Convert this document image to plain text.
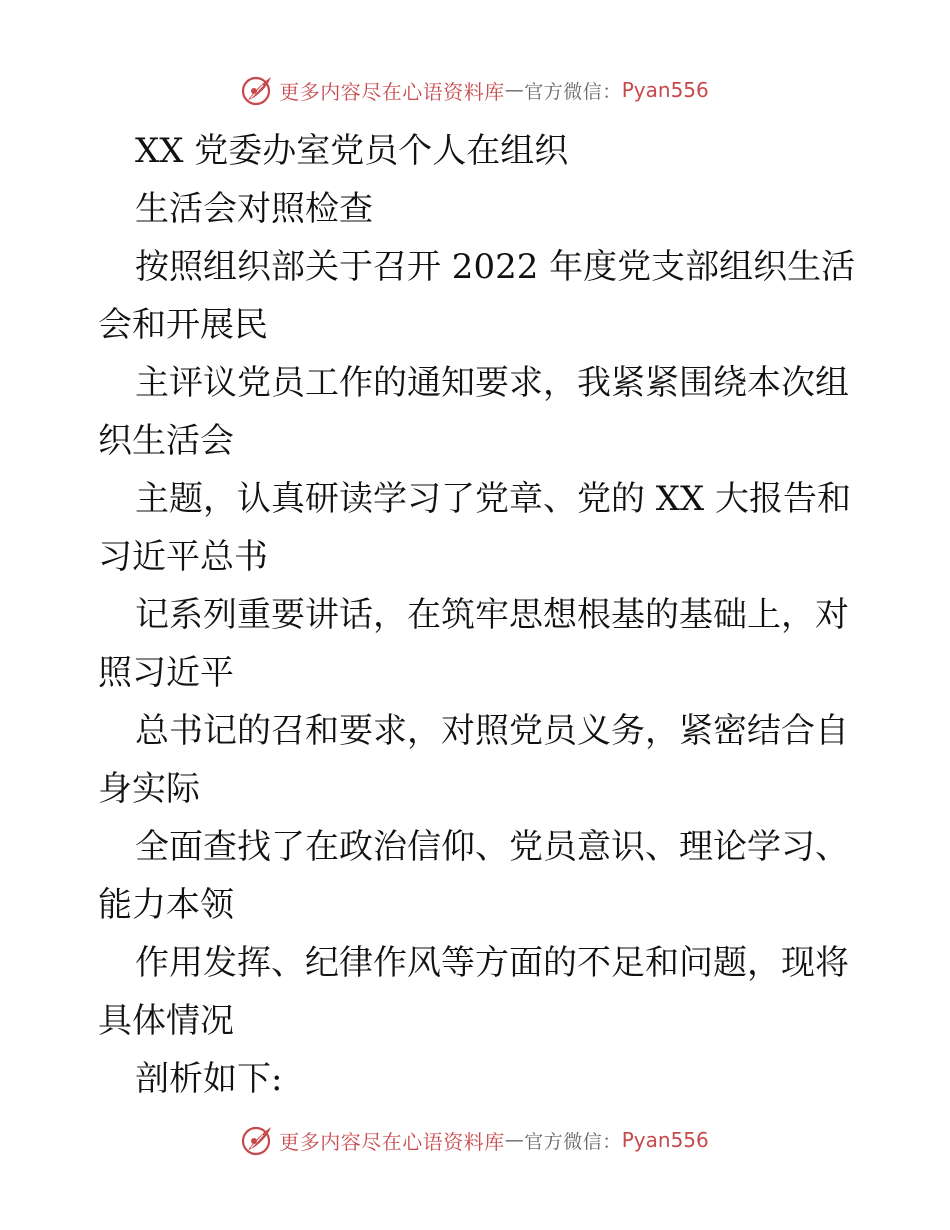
更多内容尽在心语资料库 — 官方微信： Pyan556
XX 党委办室党员个人在组织
生活会对照检查
按照组织部关于召开 2022 年度党支部组织生活
会和开展民
主评议党员工作的通知要求，我紧紧围绕本次组
织生活会
主题，认真研读学习了党章、党的 XX 大报告和
习近平总书
记系列重要讲话，在筑牢思想根基的基础上，对
照习近平
总书记的召和要求，对照党员义务，紧密结合自
身实际
全面查找了在政治信仰、党员意识、理论学习、
能力本领
作用发挥、纪律作风等方面的不足和问题，现将
具体情况
剖析如下:
更多内容尽在心语资料库 — 官方微信： Pyan556
